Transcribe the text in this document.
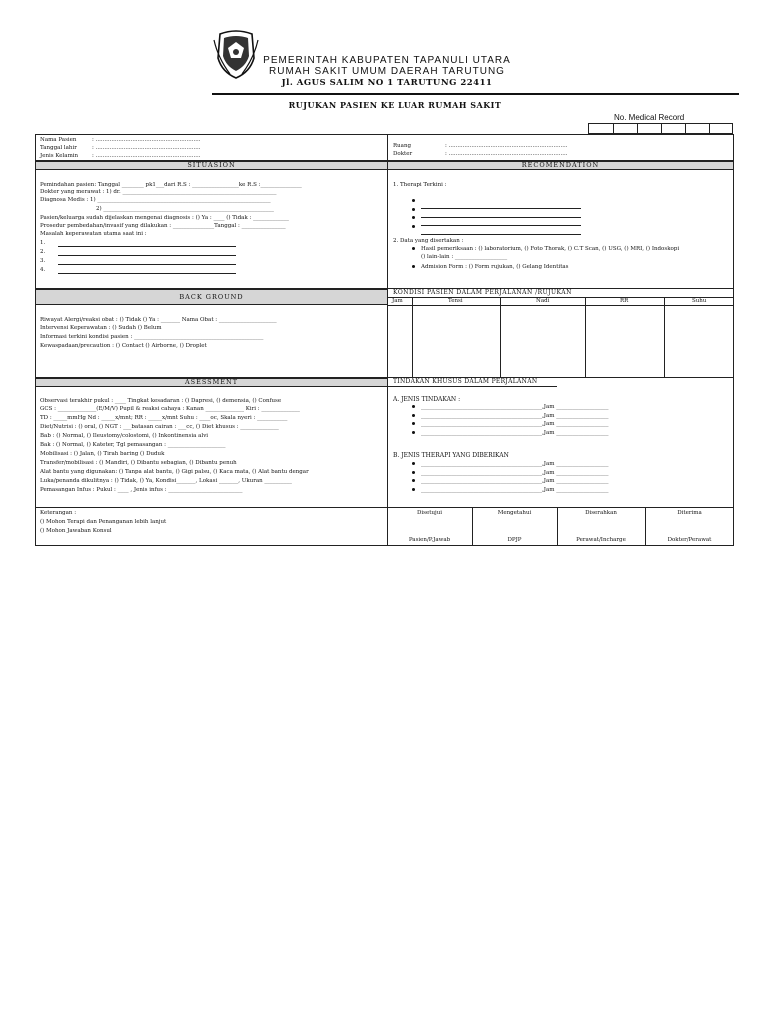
PEMERINTAH KABUPATEN TAPANULI UTARA
RUMAH SAKIT UMUM DAERAH TARUTUNG
Jl. AGUS SALIM NO 1 TARUTUNG 22411
RUJUKAN PASIEN KE LUAR RUMAH SAKIT
No. Medical Record
Nama Pasien	: ............................................................
Tanggal lahir	: ............................................................
Jenis Kelamin	: ............................................................
Ruang	: ....................................................................
Dokter	: ....................................................................
SITUASION
Pemindahan pasien: Tanggal ________ pk1___dari R.S : _________________ke R.S :_______________
Dokter yang merawat : 1) dr. ________________________________________________________
Diagnosa Medis : 1) _______________________________________________________________
2) ______________________________________________________________
Pasien/keluarga sudah dijelaskan mengenai diagnosis : () Ya : ____ () Tidak : _____________
Prosedur pembedahan/invasif yang dilakukan : _______________Tanggal : ________________
Masalah keperawatan utama saat ini :
1.
2.
3.
4.
RECOMENDATION
1. Therapi Terkini :
2. Data yang disertakan :
Hasil pemeriksaan : () laboratorium, () Foto Thorak, () C.T Scan, () USG, () MRI, () Indoskopi
() lain-lain : ___________________
Admision Form : () Form rujukan, () Gelang Identitas
BACK GROUND
Riwayat Alergi/reaksi obat : () Tidak () Ya : _______ Nama Obat : _____________________
Intervensi Keperawatan : () Sudah () Belum
Informasi terkini kondisi pasien : _______________________________________________
Kewaspadaan/precaution : () Contact () Airborne, () Droplet
KONDISI PASIEN DALAM PERJALANAN /RUJUKAN
Jam	Tensi	Nadi	RR	Suhu
ASESSMENT
Observasi terakhir pukul : ____ Tingkat kesadaran : () Dapresi, () demensia, () Confuse
GCS : ______________(E/M/V) Pupil & reaksi cahaya : Kanan ______________ Kiri : ______________
TD : _____mmHg Nd : _____x/mnt; RR : _____x/mnt Suhu : ____oc, Skala nyeri : ___________
Diet/Nutrisi : () oral, () NGT : ___batasan cairan : ___cc, () Diet khusus : ______________
Bab : () Normal, () Ileustomy/colostomi, () Inkontinensia alvi
Bak : () Normal, () Kateter, Tgl pemasangan : _____________________
Mobilisasi : () Jalan, () Tirah baring () Duduk
Transfer/mobilisasi : () Mandiri, () Dibantu sebagian, () Dibantu penuh
Alat bantu yang digunakan: () Tanpa alat bantu, () Gigi palsu, () Kaca mata, () Alat bantu dengar
Luka/penanda dikulitnya : () Tidak, () Ya, Kondisi_______, Lokasi _______, Ukuran __________
Pemasangan Infus : Pukul : ____ , Jenis infus : ___________________________
TINDAKAN KHUSUS DALAM PERJALANAN
A. JENIS TINDAKAN :
____________________________________________,Jam ___________________
____________________________________________,Jam ___________________
____________________________________________,Jam ___________________
____________________________________________,Jam ___________________
B. JENIS THERAPI YANG DIBERIKAN
____________________________________________,Jam ___________________
____________________________________________,Jam ___________________
____________________________________________,Jam ___________________
____________________________________________,Jam ___________________
Keterangan :
() Mohon Terapi dan Penanganan lebih lanjut
() Mohon Jawaban Konsul
Disetujui	Mengetahui	Diserahkan	Diterima
Pasien/P.Jawab	DPJP	Perawat/Incharge	Dokter/Perawat
